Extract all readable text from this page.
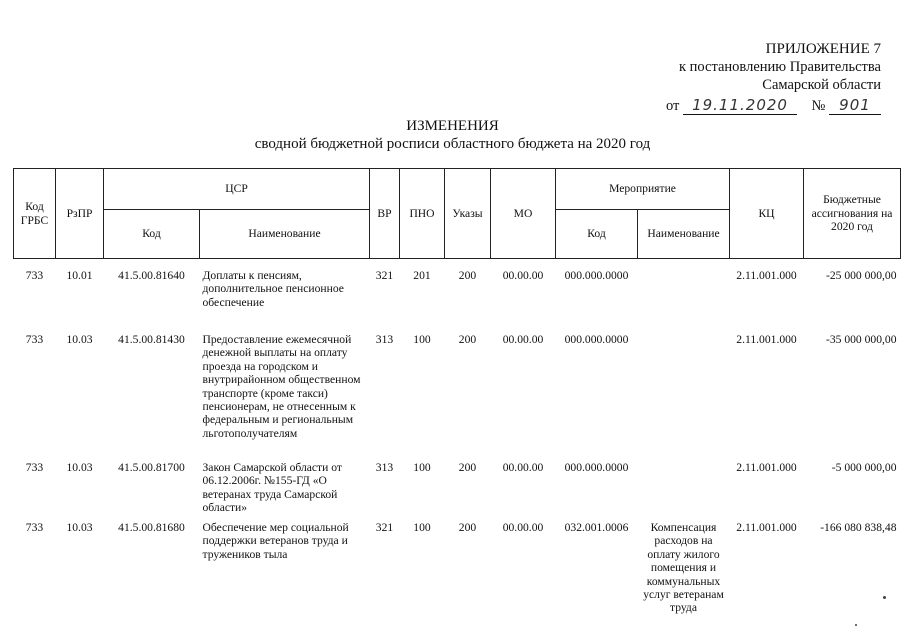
ПРИЛОЖЕНИЕ 7
к постановлению Правительства
Самарской области
от 19.11.2020 № 901
ИЗМЕНЕНИЯ
сводной бюджетной росписи областного бюджета на 2020 год
Код ГРБС	РзПР	ЦСР		ВР	ПНО	Указы	МО	Мероприятие		КЦ	Бюджетные ассигнования на 2020 год
		Код	Наименование					Код	Наименование		

733	10.01	41.5.00.81640	Доплаты к пенсиям, дополнительное пенсионное обеспечение	321	201	200	00.00.00	000.000.0000		2.11.001.000	-25 000 000,00
733	10.03	41.5.00.81430	Предоставление ежемесячной денежной выплаты на оплату проезда на городском и внутрирайонном общественном транспорте (кроме такси) пенсионерам, не отнесенным к федеральным и региональным льготополучателям	313	100	200	00.00.00	000.000.0000		2.11.001.000	-35 000 000,00
733	10.03	41.5.00.81700	Закон Самарской области от 06.12.2006г. №155-ГД «О ветеранах труда Самарской области»	313	100	200	00.00.00	000.000.0000		2.11.001.000	-5 000 000,00
733	10.03	41.5.00.81680	Обеспечение мер социальной поддержки ветеранов труда и тружеников тыла	321	100	200	00.00.00	032.001.0006	Компенсация расходов на оплату жилого помещения и коммунальных услуг ветеранам труда	2.11.001.000	-166 080 838,48
